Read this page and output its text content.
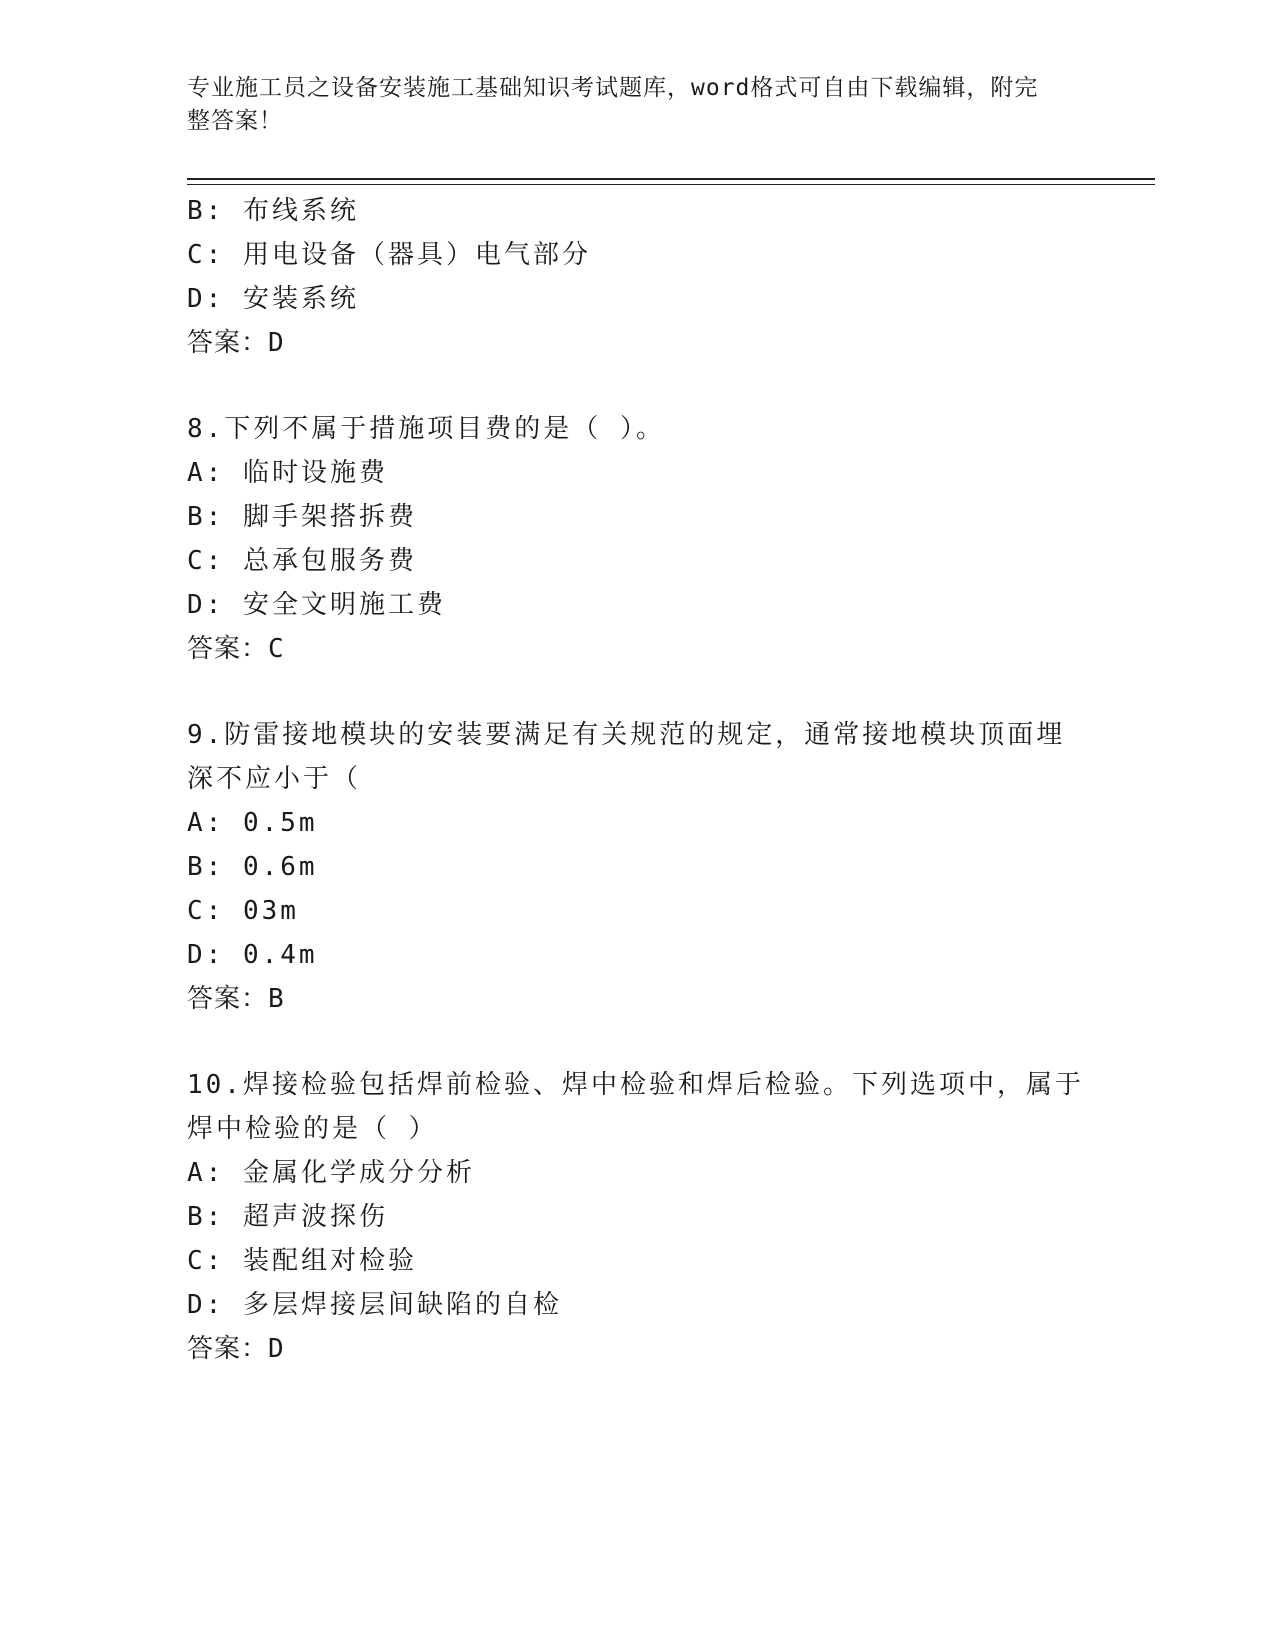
专业施工员之设备安装施工基础知识考试题库，word格式可自由下载编辑，附完
整答案！
B: 布线系统
C: 用电设备（器具）电气部分
D: 安装系统
答案：D
8.下列不属于措施项目费的是（ ）。
A: 临时设施费
B: 脚手架搭拆费
C: 总承包服务费
D: 安全文明施工费
答案：C
9.防雷接地模块的安装要满足有关规范的规定，通常接地模块顶面埋
深不应小于（
A: 0.5m
B: 0.6m
C: 03m
D: 0.4m
答案：B
10.焊接检验包括焊前检验、焊中检验和焊后检验。下列选项中，属于
焊中检验的是（ ）
A: 金属化学成分分析
B: 超声波探伤
C: 装配组对检验
D: 多层焊接层间缺陷的自检
答案：D
